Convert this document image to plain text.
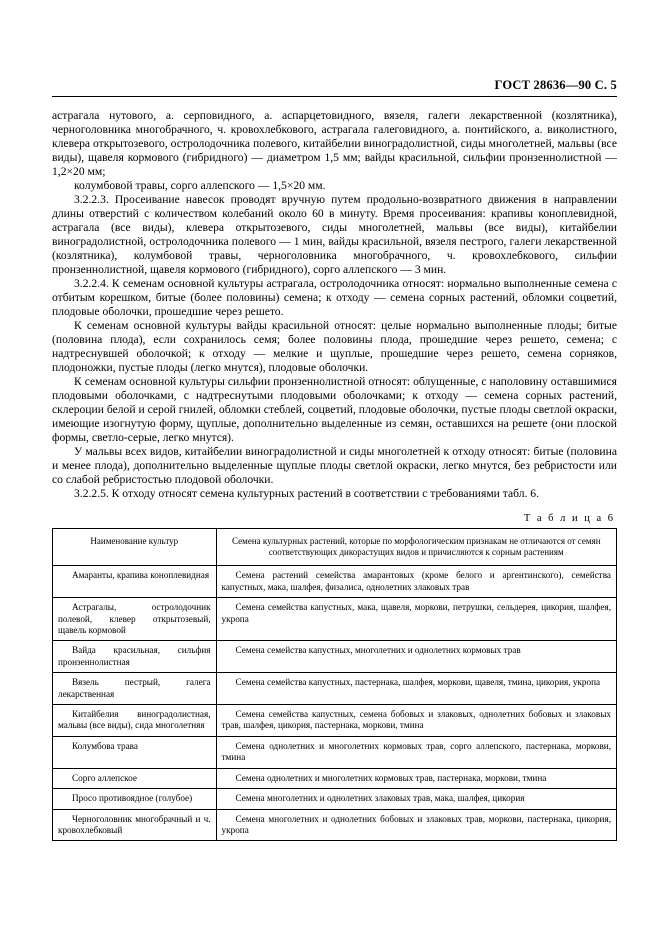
ГОСТ 28636—90 С. 5

астрагала нутового, а. серповидного, а. аспарцетовидного, вязеля, галеги лекарственной (козлятника), черноголовника многобрачного, ч. кровохлебкового, астрагала галеговидного, а. понтийского, а. виколистного, клевера открытозевого, остролодочника полевого, китайбелии виноградолистной, сиды многолетней, мальвы (все виды), щавеля кормового (гибридного) — диаметром 1,5 мм; вайды красильной, сильфии пронзеннолистной — 1,2×20 мм;

колумбовой травы, сорго аллепского — 1,5×20 мм.

3.2.2.3. Просеивание навесок проводят вручную путем продольно-возвратного движения в направлении длины отверстий с количеством колебаний около 60 в минуту. Время просеивания: крапивы коноплевидной, астрагала (все виды), клевера открытозевого, сиды многолетней, мальвы (все виды), китайбелии виноградолистной, остролодочника полевого — 1 мин, вайды красильной, вязеля пестрого, галеги лекарственной (козлятника), колумбовой травы, черноголовника многобрачного, ч. кровохлебкового, сильфии пронзеннолистной, щавеля кормового (гибридного), сорго аллепского — 3 мин.

3.2.2.4. К семенам основной культуры астрагала, остролодочника относят: нормально выполненные семена с отбитым корешком, битые (более половины) семена; к отходу — семена сорных растений, обломки соцветий, плодовые оболочки, прошедшие через решето.

К семенам основной культуры вайды красильной относят: целые нормально выполненные плоды; битые (половина плода), если сохранилось семя; более половины плода, прошедшие через решето, семена; с надтреснувшей оболочкой; к отходу — мелкие и щуплые, прошедшие через решето, семена сорняков, плодоножки, пустые плоды (легко мнутся), плодовые оболочки.

К семенам основной культуры сильфии пронзеннолистной относят: облущенные, с наполовину оставшимися плодовыми оболочками, с надтреснутыми плодовыми оболочками; к отходу — семена сорных растений, склероции белой и серой гнилей, обломки стеблей, соцветий, плодовые оболочки, пустые плоды светлой окраски, имеющие изогнутую форму, щуплые, дополнительно выделенные из семян, оставшихся на решете (они плоской формы, светло-серые, легко мнутся).

У мальвы всех видов, китайбелии виноградолистной и сиды многолетней к отходу относят: битые (половина и менее плода), дополнительно выделенные щуплые плоды светлой окраски, легко мнутся, без ребристости или со слабой ребристостью плодовой оболочки.

3.2.2.5. К отходу относят семена культурных растений в соответствии с требованиями табл. 6.

Т а б л и ц а 6
Наименование культур	Семена культурных растений, которые по морфологическим признакам не отличаются от семян соответствующих дикорастущих видов и причисляются к сорным растениям

Амаранты, крапива коноплевидная	Семена растений семейства амарантовых (кроме белого и аргентинского), семейства капустных, мака, шалфея, физалиса, однолетних злаковых трав

Астрагалы, остролодочник полевой, клевер открытозевый, щавель кормовой	Семена семейства капустных, мака, щавеля, моркови, петрушки, сельдерея, цикория, шалфея, укропа

Вайда красильная, сильфия пронзеннолистная	Семена семейства капустных, многолетних и однолетних кормовых трав

Вязель пестрый, галега лекарственная	Семена семейства капустных, пастернака, шалфея, моркови, щавеля, тмина, цикория, укропа

Китайбелия виноградолистная, мальвы (все виды), сида многолетняя	Семена семейства капустных, семена бобовых и злаковых, однолетних бобовых и злаковых трав, шалфея, цикория, пастернака, моркови, тмина

Колумбова трава	Семена однолетних и многолетних кормовых трав, сорго аллепского, пастернака, моркови, тмина

Сорго аллепское	Семена однолетних и многолетних кормовых трав, пастернака, моркови, тмина

Просо противоядное (голубое)	Семена многолетних и однолетних злаковых трав, мака, шалфея, цикория

Черноголовник многобрачный и ч. кровохлебковый	Семена многолетних и однолетних бобовых и злаковых трав, моркови, пастернака, цикория, укропа
